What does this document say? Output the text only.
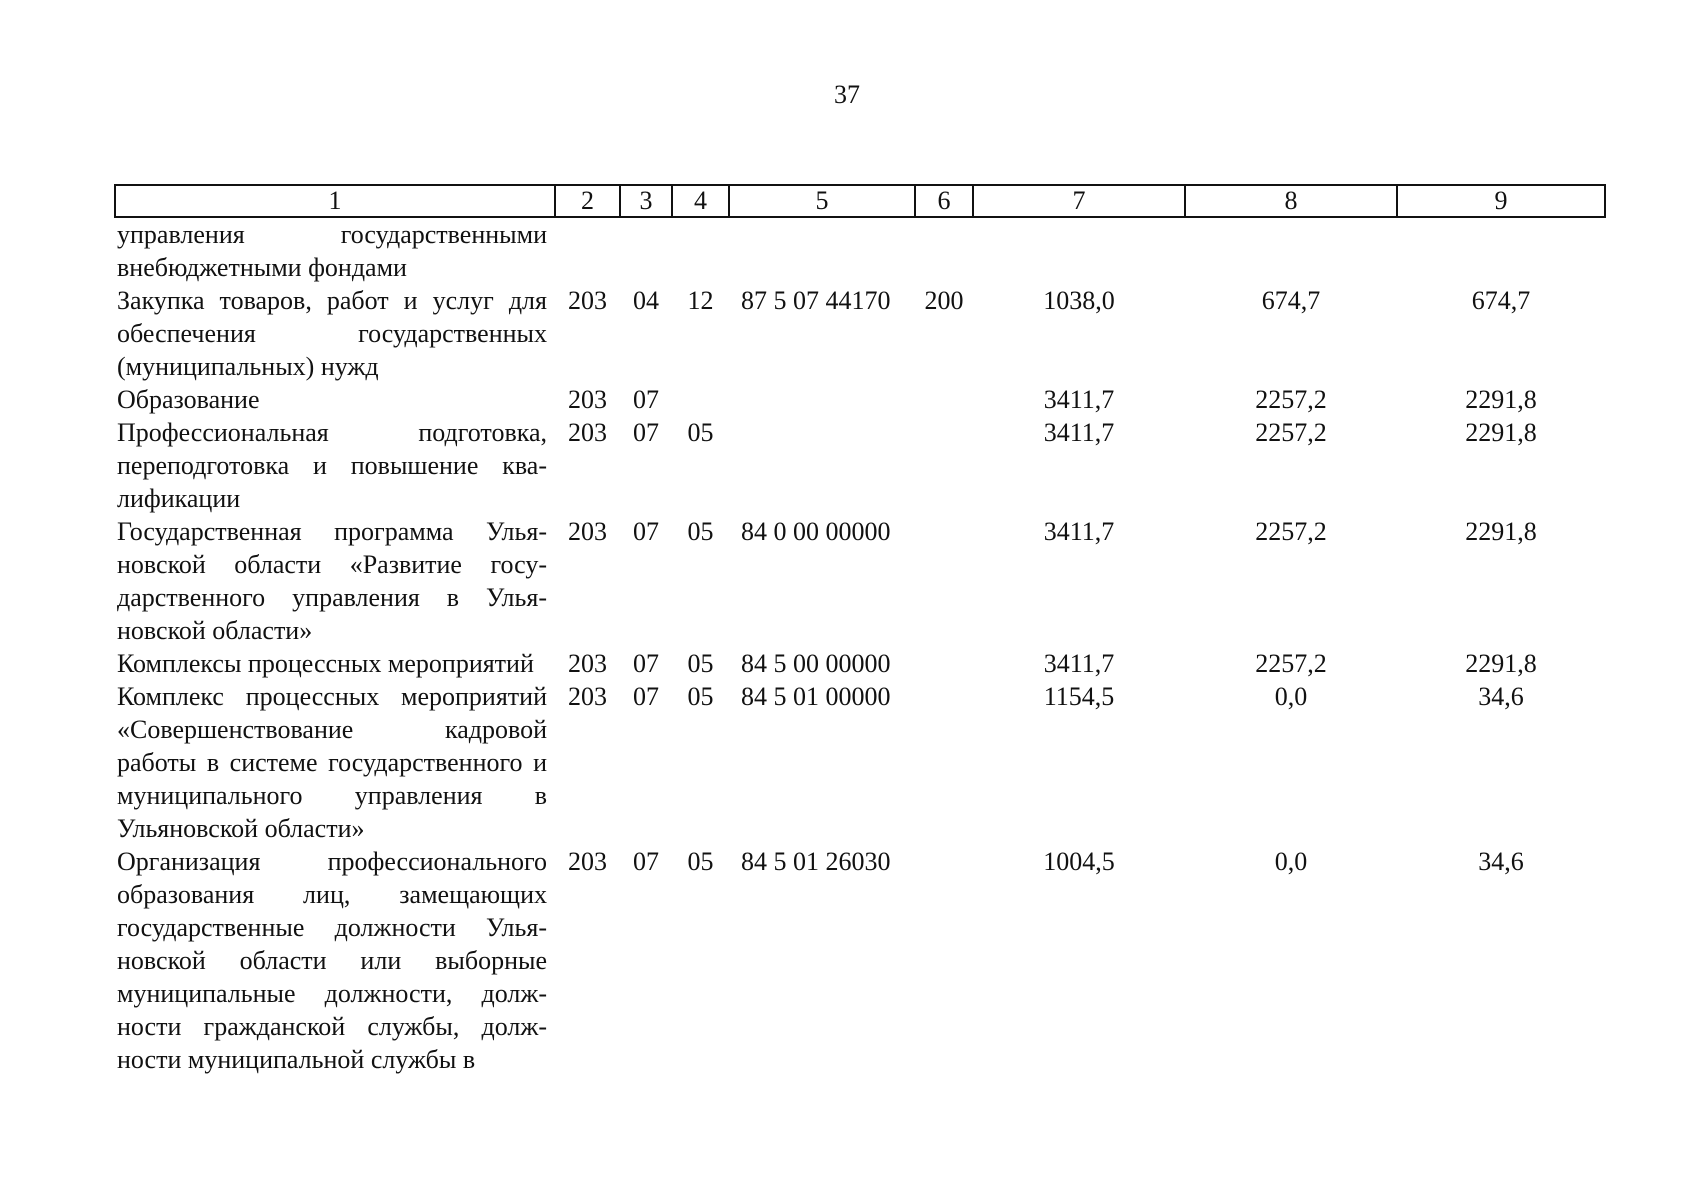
37
1	2	3	4	5	6	7	8	9
управления государственными внебюджетными фондами								
Закупка товаров, работ и услуг для обеспечения государственных (муниципальных) нужд	203	04	12	87 5 07 44170	200	1038,0	674,7	674,7
Образование	203	07				3411,7	2257,2	2291,8
Профессиональная подготовка, переподготовка и повышение квалификации	203	07	05			3411,7	2257,2	2291,8
Государственная программа Ульяновской области «Развитие государственного управления в Ульяновской области»	203	07	05	84 0 00 00000		3411,7	2257,2	2291,8
Комплексы процессных мероприятий	203	07	05	84 5 00 00000		3411,7	2257,2	2291,8
Комплекс процессных мероприятий «Совершенствование кадровой работы в системе государственного и муниципального управления в Ульяновской области»	203	07	05	84 5 01 00000		1154,5	0,0	34,6
Организация профессионального образования лиц, замещающих государственные должности Ульяновской области или выборные муниципальные должности, должности гражданской службы, должности муниципальной службы в	203	07	05	84 5 01 26030		1004,5	0,0	34,6
